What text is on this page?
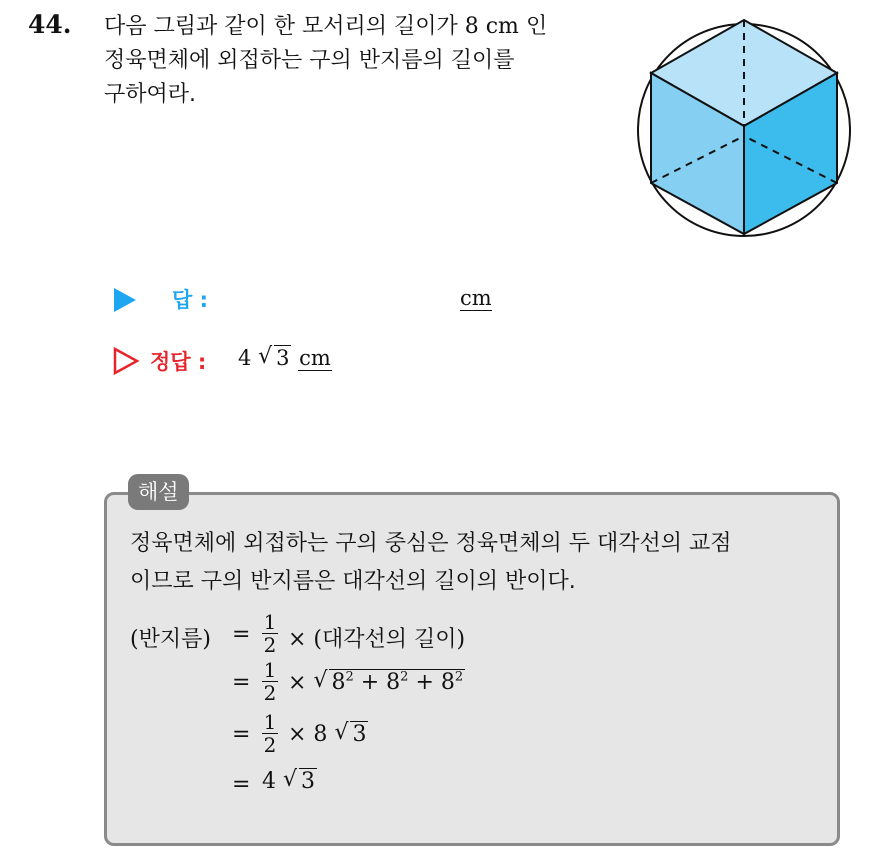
44. 다음 그림과 같이 한 모서리의 길이가 8 cm 인
정육면체에 외접하는 구의 반지름의 길이를
구하여라.
답 :	cm
정답 : 4 √ 3 cm
해설
정육면체에 외접하는 구의 중심은 정육면체의 두 대각선의 교점
이므로 구의 반지름은 대각선의 길이의 반이다.
(반지름) = 1
2 × (대각선의 길이)
= 1
2 × √ $8^2 + 8^2 + 8^2$
= 1
2 × 8 √ 3
= 4 √ 3
